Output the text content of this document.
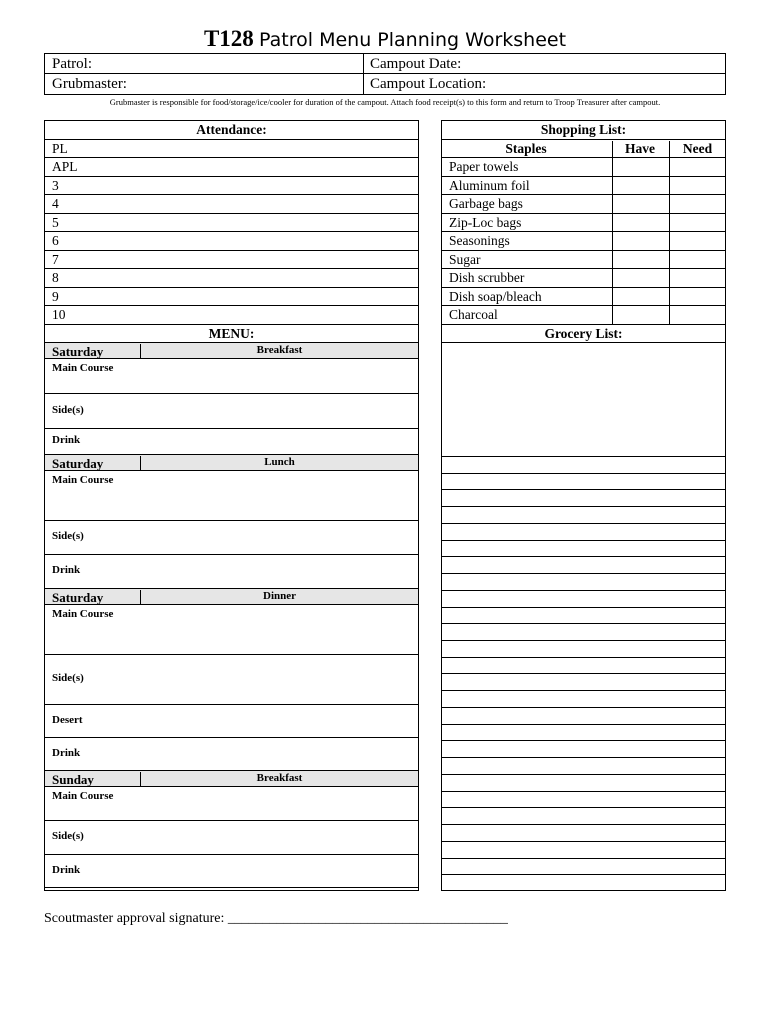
T128 Patrol Menu Planning Worksheet
Patrol:	Campout Date:
Grubmaster:	Campout Location:
Grubmaster is responsible for food/storage/ice/cooler for duration of the campout. Attach food receipt(s) to this form and return to Troop Treasurer after campout.
Attendance:
PL
APL
3
4
5
6
7
8
9
10
MENU:
Saturday	Breakfast
Main Course
Side(s)
Drink
Saturday	Lunch
Main Course
Side(s)
Drink
Saturday	Dinner
Main Course
Side(s)
Desert
Drink
Sunday	Breakfast
Main Course
Side(s)
Drink
Shopping List:
Staples	Have	Need
Paper towels
Aluminum foil
Garbage bags
Zip-Loc bags
Seasonings
Sugar
Dish scrubber
Dish soap/bleach
Charcoal
Grocery List:
Scoutmaster approval signature: ________________________________________
